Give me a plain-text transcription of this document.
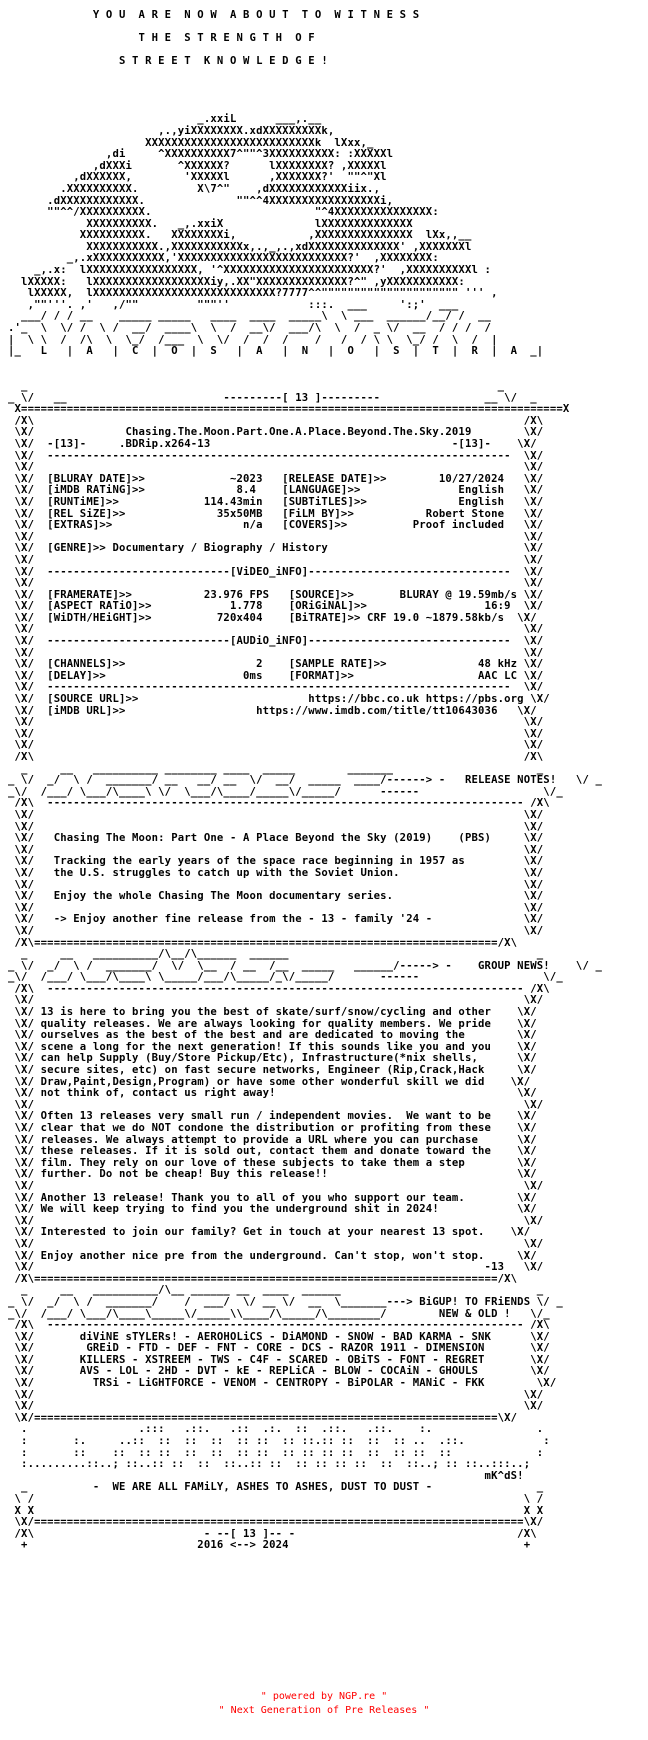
Y O U  A R E  N O W  A B O U T  T O  W I T N E S S

T H E  S T R E N G T H  O F

S T R E E T  K N O W L E D G E !

_.xxiL      ___,.__
,.,yiXXXXXXXX.xdXXXXXXXXXk,
XXXXXXXXXXXXXXXXXXXXXXXXXXk  lXxx,_
,di     ^XXXXXXXXXX7^""^3XXXXXXXXXX: :XXXXXl
,dXXXi       ^XXXXXX?      lXXXXXXXX? ,XXXXXl
,dXXXXXX,        'XXXXXl      ,XXXXXXX?'  ""^"Xl
.XXXXXXXXXX.         X\7^"    ,dXXXXXXXXXXXXiix.,
.dXXXXXXXXXXXX.              ""^^4XXXXXXXXXXXXXXXXXi,
""^^/XXXXXXXXXX.                         "^4XXXXXXXXXXXXXXX:
XXXXXXXXXX.   _,.xxiX              lXXXXXXXXXXXXXX
XXXXXXXXXX.   XXXXXXXXi,           ,XXXXXXXXXXXXXXX  lXx,,__
XXXXXXXXXXX.,XXXXXXXXXXXx,.,_,.,xdXXXXXXXXXXXXXX' ,XXXXXXXl
_,.xXXXXXXXXXXX,'XXXXXXXXXXXXXXXXXXXXXXXXXX?'  ,XXXXXXXX:
_,.x:  lXXXXXXXXXXXXXXXXX, '^XXXXXXXXXXXXXXXXXXXXXXX?'  ,XXXXXXXXXXl :
lXXXXX:   lXXXXXXXXXXXXXXXXXXiy,.XX"XXXXXXXXXXXXXX?^" ,yXXXXXXXXXXX:
lXXXXX,  lXXXXXXXXXXXXXXXXXXXXXXXXXXXX?7777^^""""""""""""""""""""" ''' ,
,""'''. ,'   ,/""         """''            :::.  ___     ':;'  ___
___/ / / __    _____ _____   ____  ____  _____\  \ ___  ______/__/ /  __
.'_  \  \/ /  \ /  __/  ____\  \  /  __\/  ___/\  \  /  _ \/  __  / / /  /
|  \ \  /  /\  \  \_/  /___  \  \/  /  /  /    /   /  / \ \  \_/ /  \  /  |
|_   L   |  A   |  C  |  O  |  S   |  A   |  N   |  O   |  S  |  T  |  R  |  A  _|

_                                                                        _
_ \/   __                        ---------[ 13 ]---------                __ \/  _
X===================================================================================X
/X\                                                                           /X\
\X/              Chasing.The.Moon.Part.One.A.Place.Beyond.The.Sky.2019        \X/
\X/  -[13]-     .BDRip.x264-13                                     -[13]-    \X/
\X/  -----------------------------------------------------------------------  \X/
\X/                                                                           \X/
\X/  [BLURAY DATE]>>             ~2023   [RELEASE DATE]>>        10/27/2024   \X/
\X/  [iMDB RATiNG]>>              8.4    [LANGUAGE]>>               English   \X/
\X/  [RUNTiME]>>             114.43min   [SUBTiTLES]>>              English   \X/
\X/  [REL SiZE]>>              35x50MB   [FiLM BY]>>           Robert Stone   \X/
\X/  [EXTRAS]>>                    n/a   [COVERS]>>          Proof included   \X/
\X/                                                                           \X/
\X/  [GENRE]>> Documentary / Biography / History                              \X/
\X/                                                                           \X/
\X/  ----------------------------[ViDEO_iNFO]-------------------------------  \X/
\X/                                                                           \X/
\X/  [FRAMERATE]>>           23.976 FPS   [SOURCE]>>       BLURAY @ 19.59mb/s \X/
\X/  [ASPECT RATiO]>>            1.778    [ORiGiNAL]>>                  16:9  \X/
\X/  [WiDTH/HEiGHT]>>          720x404    [BiTRATE]>> CRF 19.0 ~1879.58kb/s  \X/
\X/                                                                           \X/
\X/  ----------------------------[AUDiO_iNFO]-------------------------------  \X/
\X/                                                                           \X/
\X/  [CHANNELS]>>                    2    [SAMPLE RATE]>>              48 kHz \X/
\X/  [DELAY]>>                     0ms    [FORMAT]>>                   AAC LC \X/
\X/  -----------------------------------------------------------------------  \X/
\X/  [SOURCE URL]>>                          https://bbc.co.uk https://pbs.org \X/
\X/  [iMDB URL]>>                    https://www.imdb.com/title/tt10643036   \X/
\X/                                                                           \X/
\X/                                                                           \X/
\X/                                                                           \X/
/X\                                                                           /X\
_     __   __________ ________ ____  _____        _______                      _
_ \/  _/  \ /  _______/ __   __/ __  \/  __/  _____  ____/------> -   RELEASE NOTES!   \/ _
_\/  /___/ \___/\____\ \/  \___/\____/_____\/_____/      ------                   \/_
/X\  ------------------------------------------------------------------------- /X\
\X/                                                                           \X/
\X/                                                                           \X/
\X/   Chasing The Moon: Part One - A Place Beyond the Sky (2019)    (PBS)     \X/
\X/                                                                           \X/
\X/   Tracking the early years of the space race beginning in 1957 as         \X/
\X/   the U.S. struggles to catch up with the Soviet Union.                   \X/
\X/                                                                           \X/
\X/   Enjoy the whole Chasing The Moon documentary series.                    \X/
\X/                                                                           \X/
\X/   -> Enjoy another fine release from the - 13 - family '24 -              \X/
\X/                                                                           \X/
/X\=======================================================================/X\
_     __   __________/\__/\______  ______                                      _
_ \/  _/  \ /  _______/  \/  \__  / __  /__  _____   ______/-----> -    GROUP NEWS!    \/ _
_\/  /___/ \___/\____\ \_____/___/\_____/_\/_____/       ------                   \/_
/X\  ------------------------------------------------------------------------- /X\
\X/                                                                           \X/
\X/ 13 is here to bring you the best of skate/surf/snow/cycling and other    \X/
\X/ quality releases. We are always looking for quality members. We pride    \X/
\X/ ourselves as the best of the best and are dedicated to moving the        \X/
\X/ scene a long for the next generation! If this sounds like you and you    \X/
\X/ can help Supply (Buy/Store Pickup/Etc), Infrastructure(*nix shells,      \X/
\X/ secure sites, etc) on fast secure networks, Engineer (Rip,Crack,Hack     \X/
\X/ Draw,Paint,Design,Program) or have some other wonderful skill we did    \X/
\X/ not think of, contact us right away!                                     \X/
\X/                                                                           \X/
\X/ Often 13 releases very small run / independent movies.  We want to be    \X/
\X/ clear that we do NOT condone the distribution or profiting from these    \X/
\X/ releases. We always attempt to provide a URL where you can purchase      \X/
\X/ these releases. If it is sold out, contact them and donate toward the    \X/
\X/ film. They rely on our love of these subjects to take them a step        \X/
\X/ further. Do not be cheap! Buy this release!!                             \X/
\X/                                                                           \X/
\X/ Another 13 release! Thank you to all of you who support our team.        \X/
\X/ We will keep trying to find you the underground shit in 2024!            \X/
\X/                                                                           \X/
\X/ Interested to join our family? Get in touch at your nearest 13 spot.    \X/
\X/                                                                           \X/
\X/ Enjoy another nice pre from the underground. Can't stop, won't stop.     \X/
\X/                                                                     -13   \X/
/X\=======================================================================/X\
_     __   __________/\__ ______ __  ____  ______                              _
_ \/  _/  \ /  _______/    /  ___/  \/ __ \/  __  \_______---> BiGUP! TO FRiENDS \/ _
_\/  /___/ \___/\____\_____\/_____\\____/\_____/\________/        NEW & OLD !   \/_
/X\  ------------------------------------------------------------------------- /X\
\X/       diViNE sTYLERs! - AEROHOLiCS - DiAMOND - SNOW - BAD KARMA - SNK      \X/
\X/        GREiD - FTD - DEF - FNT - CORE - DCS - RAZOR 1911 - DIMENSION       \X/
\X/       KILLERS - XSTREEM - TWS - C4F - SCARED - OBiTS - FONT - REGRET       \X/
\X/       AVS - LOL - 2HD - DVT - kE - REPLiCA - BLOW - COCAiN - GHOULS        \X/
\X/         TRSi - LiGHTFORCE - VENOM - CENTROPY - BiPOLAR - MANiC - FKK        \X/
\X/                                                                           \X/
\X/                                                                           \X/
\X/=======================================================================\X/
.                 .:::   .::.   .::  .:.  ::  .::.   .::.    :.                .
:       :.     ..::  ::  ::  ::  :: ::  :: ::.:: ::  ::  :: ..  .::.            :
:       ::    ::  :: ::  ::  ::  :: ::  :: :: :: ::  ::  :: ::  ::             :
:.........::..; ::..:: ::  ::  ::..:: ::  :: :: :: ::  ::  ::..; :: ::..:::..;
mK^dS!
_          -  WE ARE ALL FAMiLY, ASHES TO ASHES, DUST TO DUST -                _
\ /                                                                           \ /
X X                                                                           X X
\X/===========================================================================\X/
/X\                          - --[ 13 ]-- -                                  /X\
+                          2016 <--> 2024                                    +

" powered by NGP.re "
" Next Generation of Pre Releases "
